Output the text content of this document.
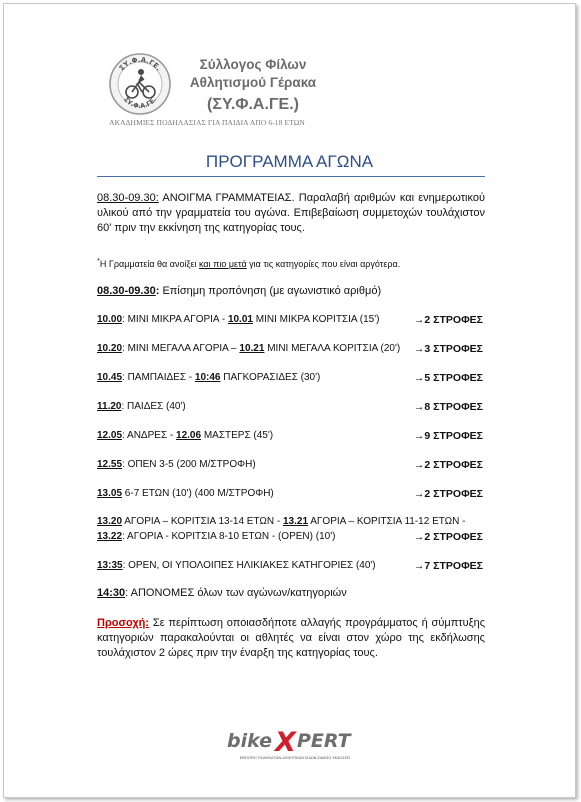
ΣΥ.Φ.Α.ΓΕ.
ΣΥ.Φ.Α.ΓΕ.
Σύλλογος Φίλων
Αθλητισμού Γέρακα
(ΣΥ.Φ.Α.ΓΕ.)
ΑΚΑΔΗΜΙΕΣ ΠΟΔΗΛΑΣΙΑΣ ΓΙΑ ΠΑΙΔΙΑ ΑΠΟ 6-18 ΕΤΩΝ
ΠΡΟΓΡΑΜΜΑ ΑΓΩΝΑ
08.30-09.30: ΑΝΟΙΓΜΑ ΓΡΑΜΜΑΤΕΙΑΣ. Παραλαβή αριθμών και ενημερωτικού υλικού από την γραμματεία του αγώνα. Επιβεβαίωση συμμετοχών τουλάχιστον 60' πριν την εκκίνηση της κατηγορίας τους.
*Η Γραμματεία θα ανοίξει και πιο μετά για τις κατηγορίες που είναι αργότερα.
08.30-09.30: Επίσημη προπόνηση (με αγωνιστικό αριθμό)
10.00: ΜΙΝΙ ΜΙΚΡΑ ΑΓΟΡΙΑ - 10.01 ΜΙΝΙ ΜΙΚΡΑ ΚΟΡΙΤΣΙΑ (15')	→2 ΣΤΡΟΦΕΣ
10.20: ΜΙΝΙ ΜΕΓΑΛΑ ΑΓΟΡΙΑ – 10.21 ΜΙΝΙ ΜΕΓΑΛΑ ΚΟΡΙΤΣΙΑ (20') →3 ΣΤΡΟΦΕΣ
10.45: ΠΑΜΠΑΙΔΕΣ - 10:46 ΠΑΓΚΟΡΑΣΙΔΕΣ (30')	→5 ΣΤΡΟΦΕΣ
11.20: ΠΑΙΔΕΣ (40')	→8 ΣΤΡΟΦΕΣ
12.05: ΑΝΔΡΕΣ - 12.06 ΜΑΣΤΕΡΣ (45')	→9 ΣΤΡΟΦΕΣ
12.55: ΟΠΕΝ 3-5 (200 Μ/ΣΤΡΟΦΗ)	→2 ΣΤΡΟΦΕΣ
13.05 6-7 ΕΤΩΝ (10') (400 Μ/ΣΤΡΟΦΗ)	→2 ΣΤΡΟΦΕΣ
13.20 ΑΓΟΡΙΑ – ΚΟΡΙΤΣΙΑ 13-14 ΕΤΩΝ - 13.21 ΑΓΟΡΙΑ – ΚΟΡΙΤΣΙΑ 11-12 ΕΤΩΝ -
13.22: ΑΓΟΡΙΑ - ΚΟΡΙΤΣΙΑ 8-10 ΕΤΩΝ - (OPEN) (10')	→2 ΣΤΡΟΦΕΣ
13:35: OPEN, ΟΙ ΥΠΟΛΟΙΠΕΣ ΗΛΙΚΙΑΚΕΣ ΚΑΤΗΓΟΡΙΕΣ (40')	→7 ΣΤΡΟΦΕΣ
14:30: ΑΠΟΝΟΜΕΣ όλων των αγώνων/κατηγοριών
Προσοχή: Σε περίπτωση οποιασδήποτε αλλαγής προγράμματος ή σύμπτυξης κατηγοριών παρακαλούνται οι αθλητές να είναι στον χώρο της εκδήλωσης τουλάχιστον 2 ώρες πριν την έναρξη της κατηγορίας τους.
bike X PERT
ΕΜΠΟΡΙΟ ΠΟΔΗΛΑΤΩΝ-ΑΘΛΗΤΙΚΩΝ ΕΙΔΩΝ-ΕΙΔΙΚΕΣ ΕΚΔΟΣΕΙΣ
